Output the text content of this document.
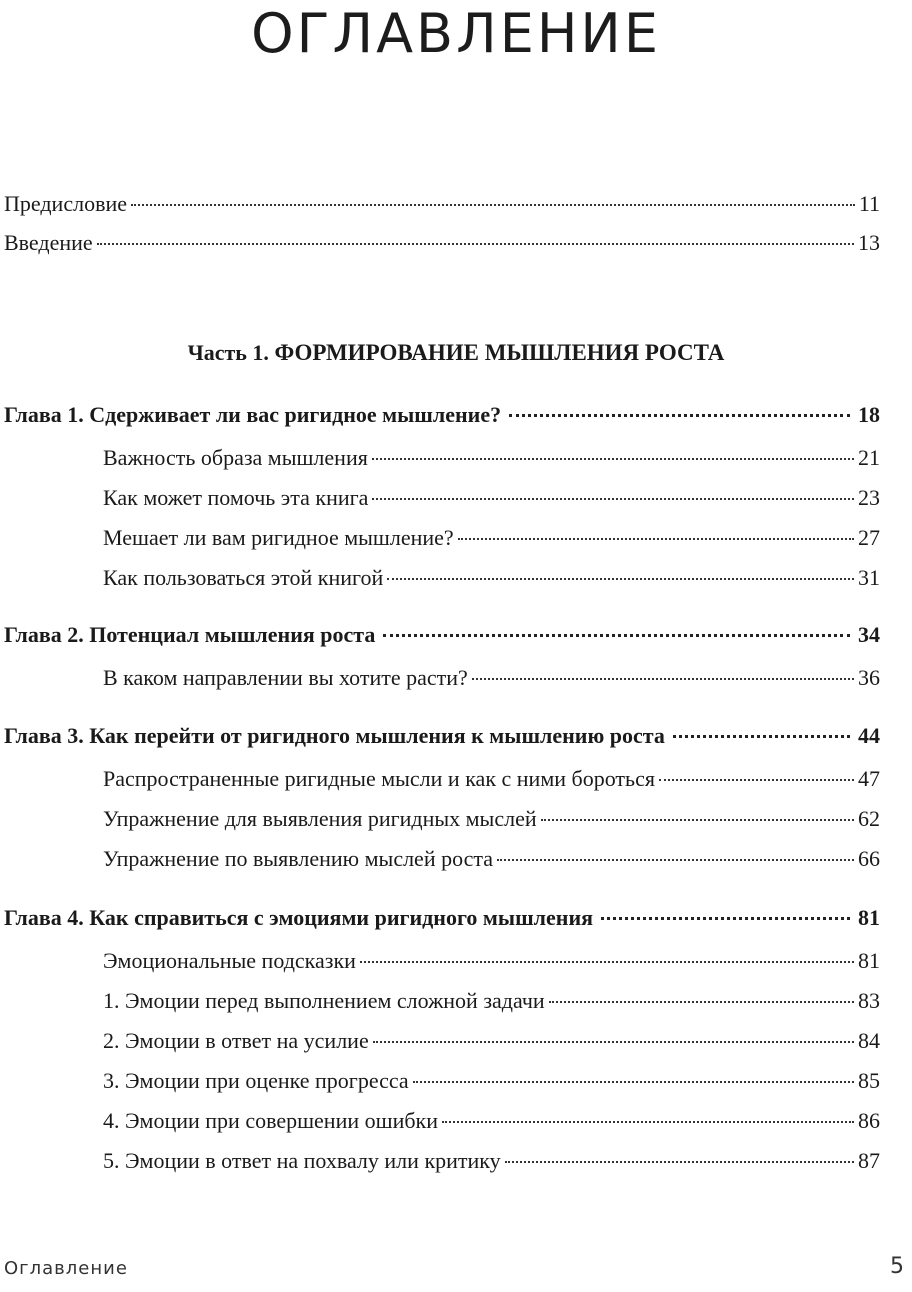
ОГЛАВЛЕНИЕ
Предисловие	11
Введение	13
Часть 1. ФОРМИРОВАНИЕ МЫШЛЕНИЯ РОСТА
Глава 1. Сдерживает ли вас ригидное мышление?	18
Важность образа мышления	21
Как может помочь эта книга	23
Мешает ли вам ригидное мышление?	27
Как пользоваться этой книгой	31
Глава 2. Потенциал мышления роста	34
В каком направлении вы хотите расти?	36
Глава 3. Как перейти от ригидного мышления к мышлению роста	44
Распространенные ригидные мысли и как с ними бороться	47
Упражнение для выявления ригидных мыслей	62
Упражнение по выявлению мыслей роста	66
Глава 4. Как справиться с эмоциями ригидного мышления	81
Эмоциональные подсказки	81
1. Эмоции перед выполнением сложной задачи	83
2. Эмоции в ответ на усилие	84
3. Эмоции при оценке прогресса	85
4. Эмоции при совершении ошибки	86
5. Эмоции в ответ на похвалу или критику	87
Оглавление	5
